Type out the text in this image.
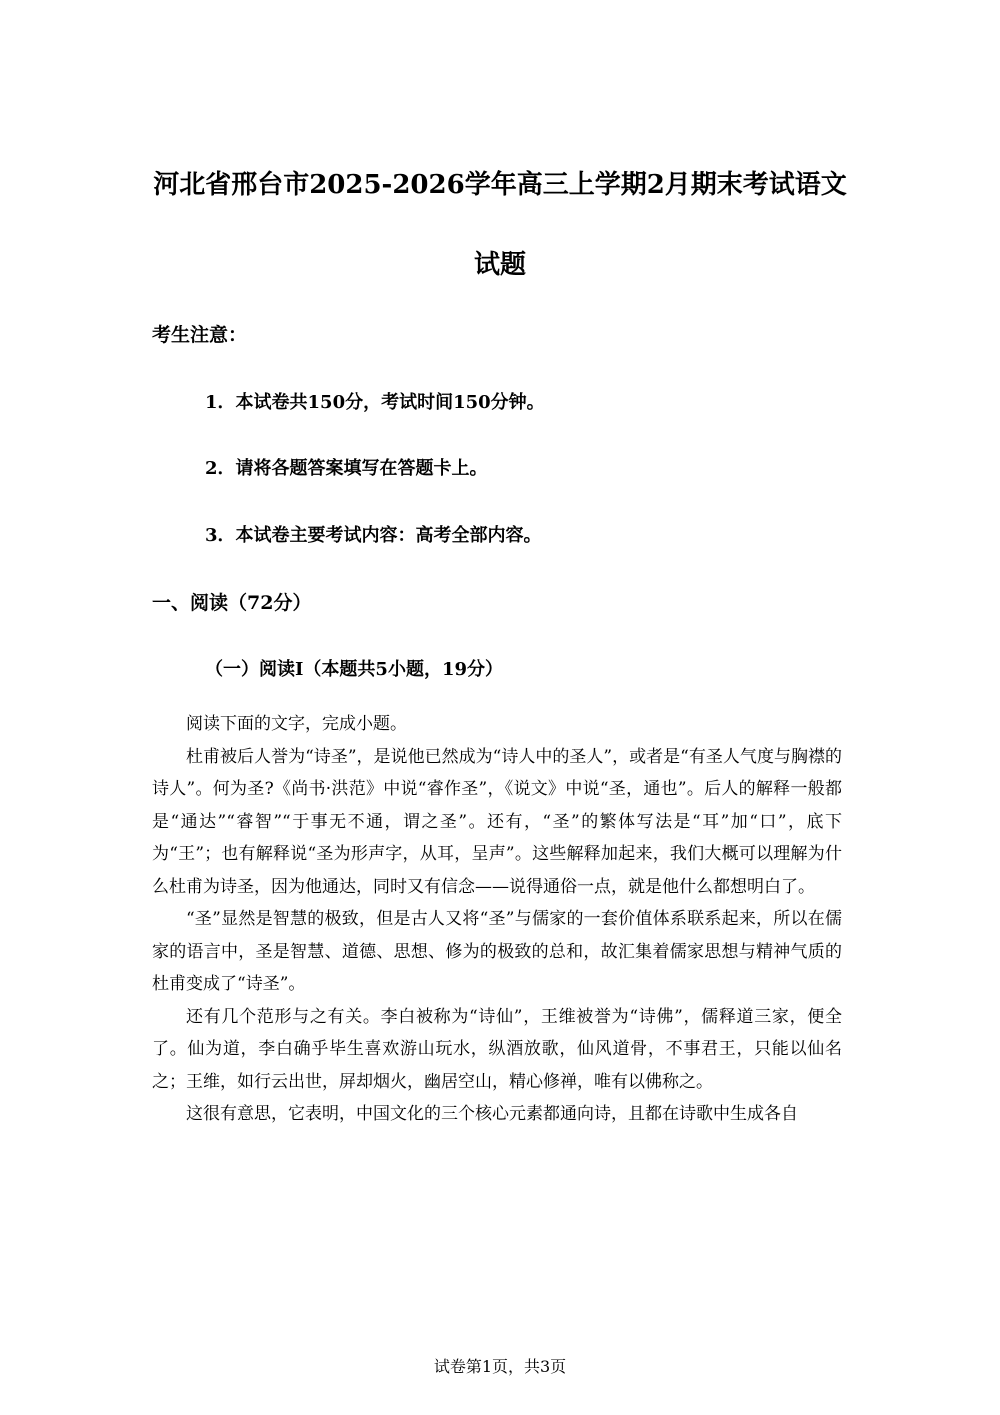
河北省邢台市2025-2026学年高三上学期2月期末考试语文
试题
考生注意：
1．本试卷共150分，考试时间150分钟。
2．请将各题答案填写在答题卡上。
3．本试卷主要考试内容：高考全部内容。
一、阅读（72分）
（一）阅读I（本题共5小题，19分）

阅读下面的文字，完成小题。

杜甫被后人誉为“诗圣”，是说他已然成为“诗人中的圣人”，或者是“有圣人气度与胸襟的诗人”。何为圣?《尚书·洪范》中说“睿作圣”，《说文》中说“圣，通也”。后人的解释一般都是“通达”“睿智”“于事无不通，谓之圣”。还有，“圣”的繁体写法是“耳”加“口”，底下为“王”；也有解释说“圣为形声字，从耳，呈声”。这些解释加起来，我们大概可以理解为什么杜甫为诗圣，因为他通达，同时又有信念——说得通俗一点，就是他什么都想明白了。

“圣”显然是智慧的极致，但是古人又将“圣”与儒家的一套价值体系联系起来，所以在儒家的语言中，圣是智慧、道德、思想、修为的极致的总和，故汇集着儒家思想与精神气质的杜甫变成了“诗圣”。

还有几个范形与之有关。李白被称为“诗仙”，王维被誉为“诗佛”，儒释道三家，便全了。仙为道，李白确乎毕生喜欢游山玩水，纵酒放歌，仙风道骨，不事君王，只能以仙名之；王维，如行云出世，屏却烟火，幽居空山，精心修禅，唯有以佛称之。

这很有意思，它表明，中国文化的三个核心元素都通向诗，且都在诗歌中生成各自

试卷第1页，共3页
